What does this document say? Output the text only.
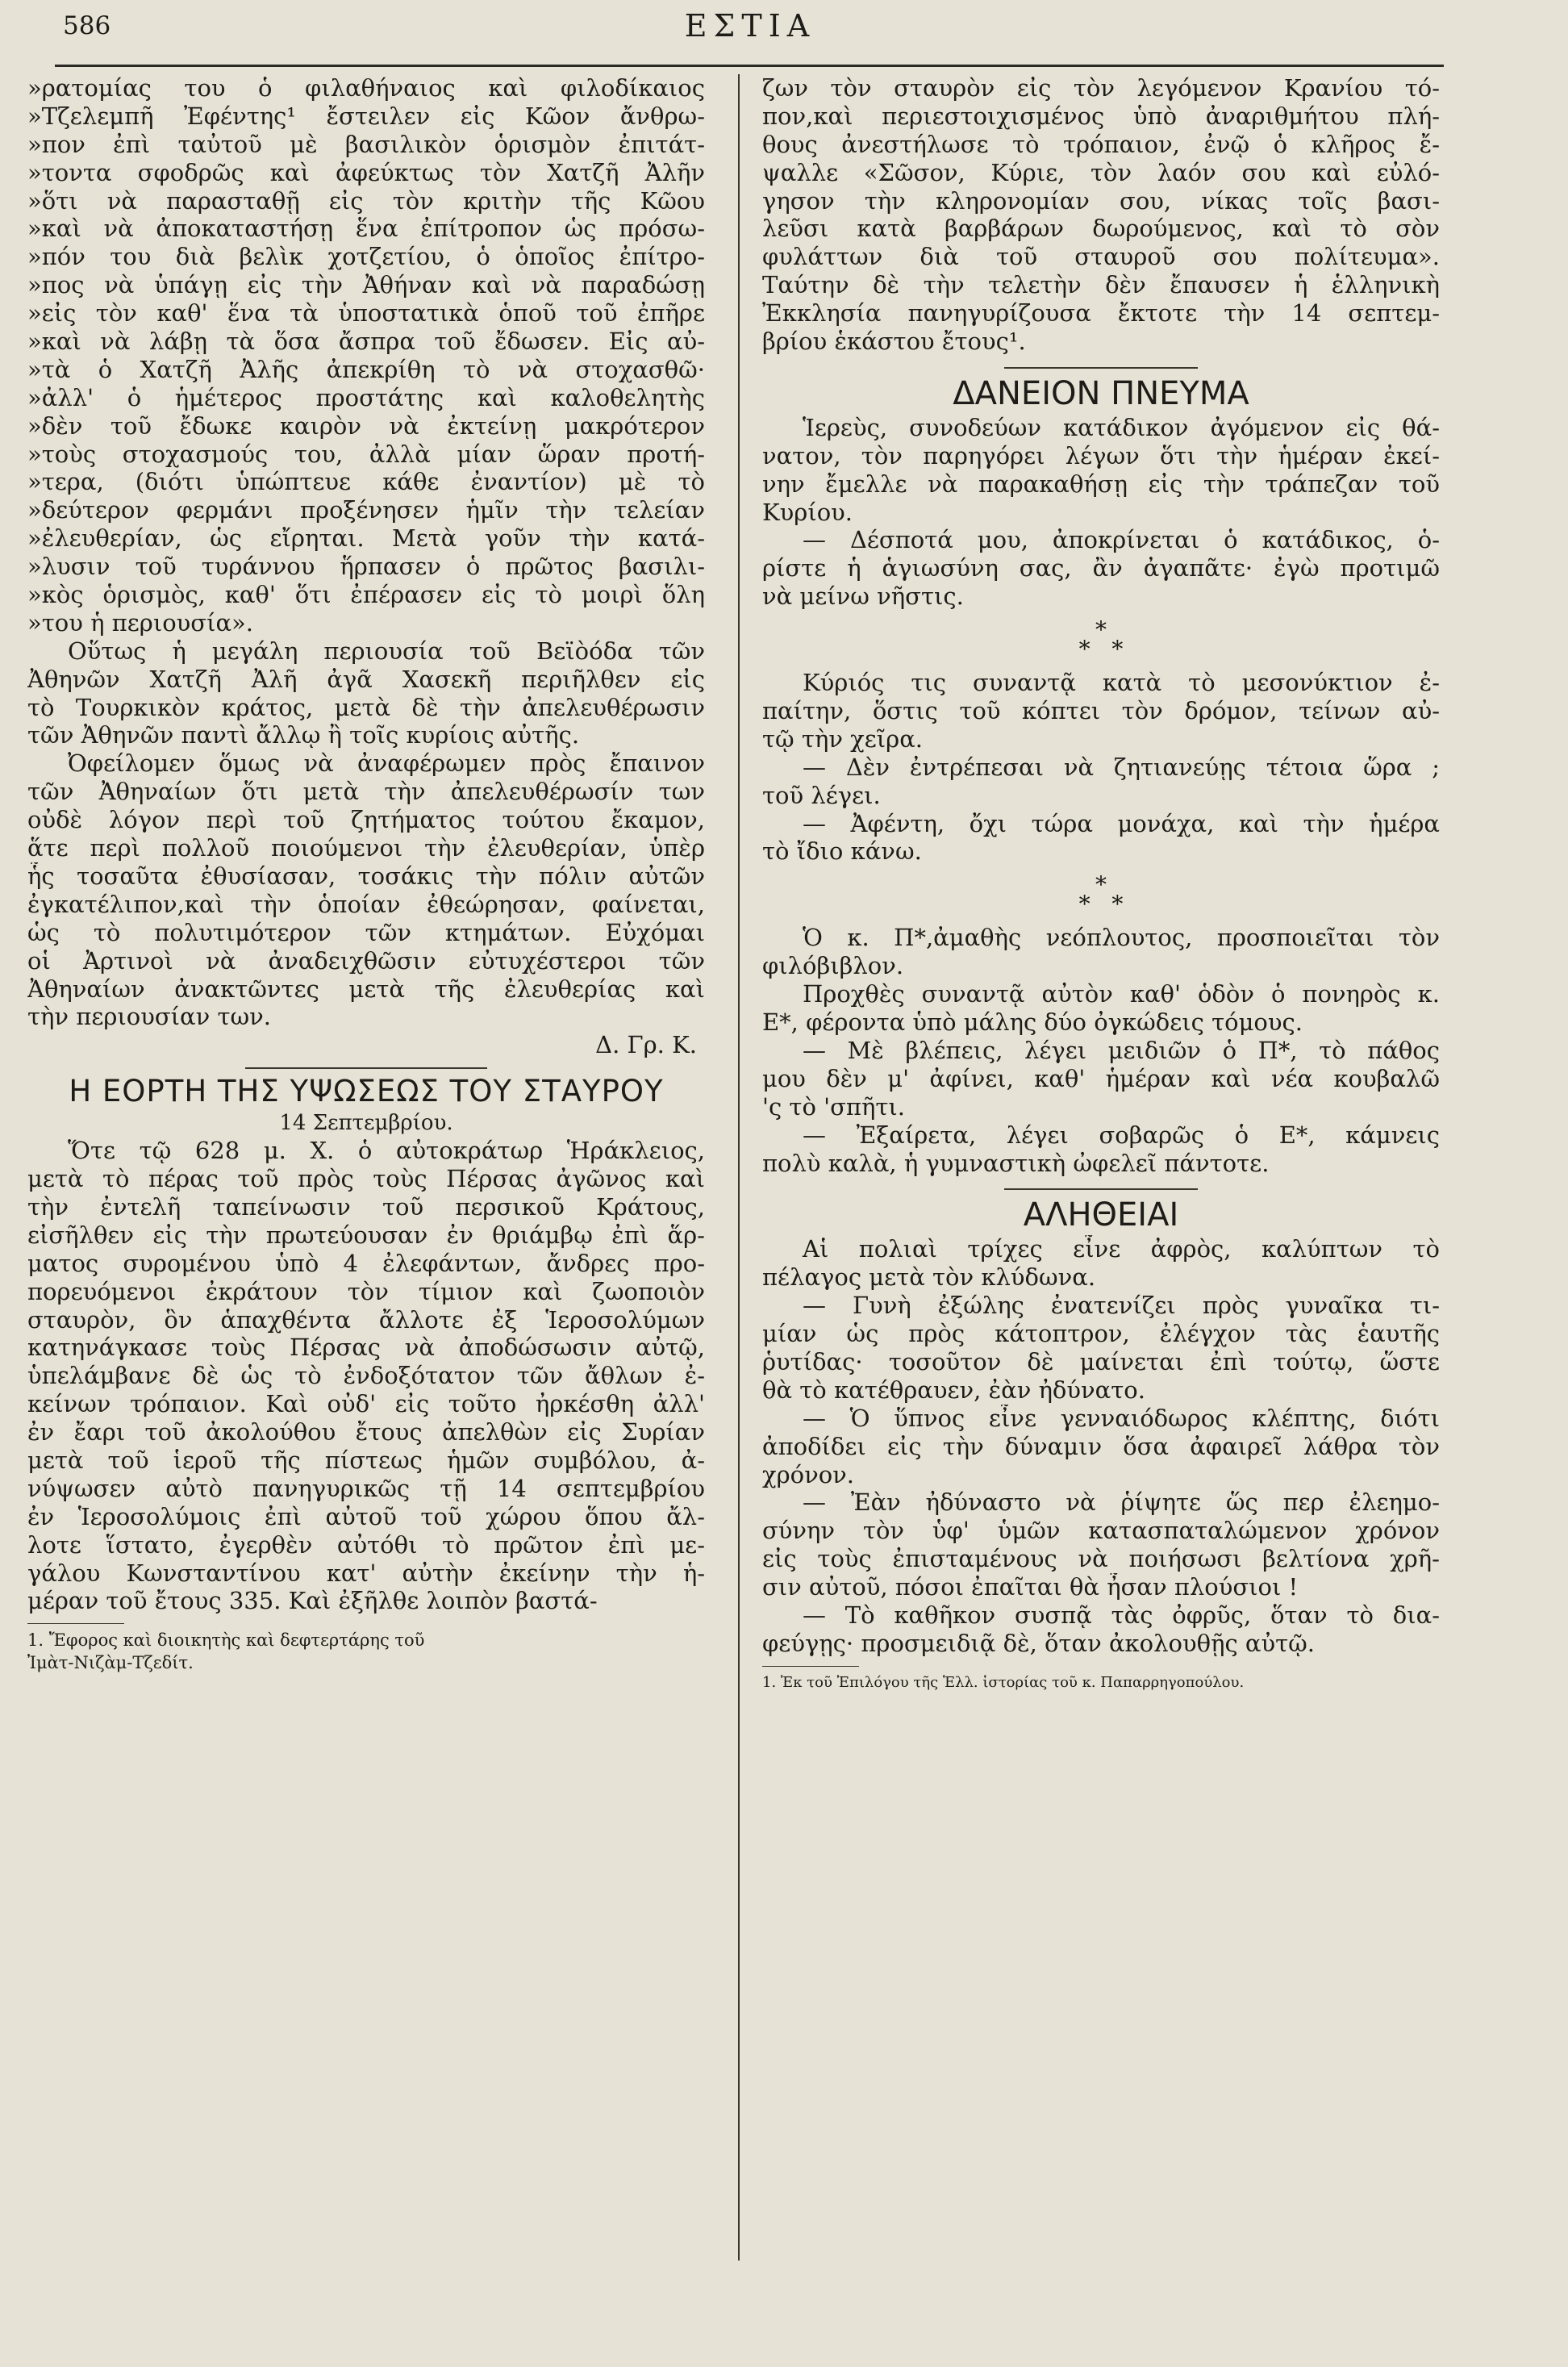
586	ΕΣΤΙΑ
»ρατομίας του ὁ φιλαθήναιος καὶ φιλοδίκαιος
»Τζελεμπῆ Ἐφέντης¹ ἔστειλεν εἰς Κῶον ἄνθρω-
»πον ἐπὶ ταὐτοῦ μὲ βασιλικὸν ὁρισμὸν ἐπιτάτ-
»τοντα σφοδρῶς καὶ ἀφεύκτως τὸν Χατζῆ Ἀλῆν
»ὅτι νὰ παρασταθῇ εἰς τὸν κριτὴν τῆς Κῶου
»καὶ νὰ ἀποκαταστήσῃ ἕνα ἐπίτροπον ὡς πρόσω-
»πόν του διὰ βελὶκ χοτζετίου, ὁ ὁποῖος ἐπίτρο-
»πος νὰ ὑπάγῃ εἰς τὴν Ἀθήναν καὶ νὰ παραδώσῃ
»εἰς τὸν καθ' ἕνα τὰ ὑποστατικὰ ὁποῦ τοῦ ἐπῆρε
»καὶ νὰ λάβῃ τὰ ὅσα ἄσπρα τοῦ ἔδωσεν. Εἰς αὐ-
»τὰ ὁ Χατζῆ Ἀλῆς ἀπεκρίθη τὸ νὰ στοχασθῶ·
»ἀλλ' ὁ ἡμέτερος προστάτης καὶ καλοθελητὴς
»δὲν τοῦ ἔδωκε καιρὸν νὰ ἐκτείνῃ μακρότερον
»τοὺς στοχασμούς του, ἀλλὰ μίαν ὥραν προτή-
»τερα, (διότι ὑπώπτευε κάθε ἐναντίον) μὲ τὸ
»δεύτερον φερμάνι προξένησεν ἡμῖν τὴν τελείαν
»ἐλευθερίαν, ὡς εἴρηται. Μετὰ γοῦν τὴν κατά-
»λυσιν τοῦ τυράννου ἥρπασεν ὁ πρῶτος βασιλι-
»κὸς ὁρισμὸς, καθ' ὅτι ἐπέρασεν εἰς τὸ μοιρὶ ὅλη
»του ἡ περιουσία».
Οὕτως ἡ μεγάλη περιουσία τοῦ Βεϊὸόδα τῶν
Ἀθηνῶν Χατζῆ Ἀλῆ ἀγᾶ Χασεκῆ περιῆλθεν εἰς
τὸ Τουρκικὸν κράτος, μετὰ δὲ τὴν ἀπελευθέρωσιν
τῶν Ἀθηνῶν παντὶ ἄλλῳ ἢ τοῖς κυρίοις αὐτῆς.
Ὀφείλομεν ὅμως νὰ ἀναφέρωμεν πρὸς ἔπαινον
τῶν Ἀθηναίων ὅτι μετὰ τὴν ἀπελευθέρωσίν των
οὐδὲ λόγον περὶ τοῦ ζητήματος τούτου ἔκαμον,
ἅτε περὶ πολλοῦ ποιούμενοι τὴν ἐλευθερίαν, ὑπὲρ
ἧς τοσαῦτα ἐθυσίασαν, τοσάκις τὴν πόλιν αὐτῶν
ἐγκατέλιπον,καὶ τὴν ὁποίαν ἐθεώρησαν, φαίνεται,
ὡς τὸ πολυτιμότερον τῶν κτημάτων. Εὐχόμαι
οἱ Ἀρτινοὶ νὰ ἀναδειχθῶσιν εὐτυχέστεροι τῶν
Ἀθηναίων ἀνακτῶντες μετὰ τῆς ἐλευθερίας καὶ
τὴν περιουσίαν των.
Δ. Γρ. Κ.
Η ΕΟΡΤΗ ΤΗΣ ΥΨΩΣΕΩΣ ΤΟΥ ΣΤΑΥΡΟΥ
14 Σεπτεμβρίου.
Ὅτε τῷ 628 μ. Χ. ὁ αὐτοκράτωρ Ἡράκλειος,
μετὰ τὸ πέρας τοῦ πρὸς τοὺς Πέρσας ἀγῶνος καὶ
τὴν ἐντελῆ ταπείνωσιν τοῦ περσικοῦ Κράτους,
εἰσῆλθεν εἰς τὴν πρωτεύουσαν ἐν θριάμβῳ ἐπὶ ἅρ-
ματος συρομένου ὑπὸ 4 ἐλεφάντων, ἄνδρες προ-
πορευόμενοι ἐκράτουν τὸν τίμιον καὶ ζωοποιὸν
σταυρὸν, ὃν ἁπαχθέντα ἄλλοτε ἐξ Ἱεροσολύμων
κατηνάγκασε τοὺς Πέρσας νὰ ἀποδώσωσιν αὐτῷ,
ὑπελάμβανε δὲ ὡς τὸ ἐνδοξότατον τῶν ἄθλων ἐ-
κείνων τρόπαιον. Καὶ οὐδ' εἰς τοῦτο ἠρκέσθη ἀλλ'
ἐν ἔαρι τοῦ ἀκολούθου ἔτους ἀπελθὼν εἰς Συρίαν
μετὰ τοῦ ἱεροῦ τῆς πίστεως ἡμῶν συμβόλου, ἀ-
νύψωσεν αὐτὸ πανηγυρικῶς τῇ 14 σεπτεμβρίου
ἐν Ἱεροσολύμοις ἐπὶ αὐτοῦ τοῦ χώρου ὅπου ἄλ-
λοτε ἵστατο, ἐγερθὲν αὐτόθι τὸ πρῶτον ἐπὶ με-
γάλου Κωνσταντίνου κατ' αὐτὴν ἐκείνην τὴν ἡ-
μέραν τοῦ ἔτους 335. Καὶ ἐξῆλθε λοιπὸν βαστά-
1. Ἔφορος καὶ διοικητὴς καὶ δεφτερτάρης τοῦ
Ἰμὰτ-Νιζὰμ-Τζεδίτ.
ζων τὸν σταυρὸν εἰς τὸν λεγόμενον Κρανίου τό-
πον,καὶ περιεστοιχισμένος ὑπὸ ἀναριθμήτου πλή-
θους ἀνεστήλωσε τὸ τρόπαιον, ἐνῷ ὁ κλῆρος ἔ-
ψαλλε «Σῶσον, Κύριε, τὸν λαόν σου καὶ εὐλό-
γησον τὴν κληρονομίαν σου, νίκας τοῖς βασι-
λεῦσι κατὰ βαρβάρων δωρούμενος, καὶ τὸ σὸν
φυλάττων διὰ τοῦ σταυροῦ σου πολίτευμα».
Ταύτην δὲ τὴν τελετὴν δὲν ἔπαυσεν ἡ ἑλληνικὴ
Ἐκκλησία πανηγυρίζουσα ἔκτοτε τὴν 14 σεπτεμ-
βρίου ἑκάστου ἔτους¹.
ΔΑΝΕΙΟΝ ΠΝΕΥΜΑ
Ἱερεὺς, συνοδεύων κατάδικον ἀγόμενον εἰς θά-
νατον, τὸν παρηγόρει λέγων ὅτι τὴν ἡμέραν ἐκεί-
νην ἔμελλε νὰ παρακαθήσῃ εἰς τὴν τράπεζαν τοῦ
Κυρίου.
— Δέσποτά μου, ἀποκρίνεται ὁ κατάδικος, ὁ-
ρίστε ἡ ἁγιωσύνη σας, ἂν ἀγαπᾶτε· ἐγὼ προτιμῶ
νὰ μείνω νῆστις.
*
* *
Κύριός τις συναντᾷ κατὰ τὸ μεσονύκτιον ἐ-
παίτην, ὅστις τοῦ κόπτει τὸν δρόμον, τείνων αὐ-
τῷ τὴν χεῖρα.
— Δὲν ἐντρέπεσαι νὰ ζητιανεύῃς τέτοια ὥρα ;
τοῦ λέγει.
— Ἀφέντη, ὄχι τώρα μονάχα, καὶ τὴν ἡμέρα
τὸ ἴδιο κάνω.
*
* *
Ὁ κ. Π*,ἀμαθὴς νεόπλουτος, προσποιεῖται τὸν
φιλόβιβλον.
Προχθὲς συναντᾷ αὐτὸν καθ' ὁδὸν ὁ πονηρὸς κ.
Ε*, φέροντα ὑπὸ μάλης δύο ὀγκώδεις τόμους.
— Μὲ βλέπεις, λέγει μειδιῶν ὁ Π*, τὸ πάθος
μου δὲν μ' ἀφίνει, καθ' ἡμέραν καὶ νέα κουβαλῶ
'ς τὸ 'σπῆτι.
— Ἐξαίρετα, λέγει σοβαρῶς ὁ Ε*, κάμνεις
πολὺ καλὰ, ἡ γυμναστικὴ ὠφελεῖ πάντοτε.
ΑΛΗΘΕΙΑΙ
Αἱ πολιαὶ τρίχες εἶνε ἀφρὸς, καλύπτων τὸ
πέλαγος μετὰ τὸν κλύδωνα.
— Γυνὴ ἐξώλης ἐνατενίζει πρὸς γυναῖκα τι-
μίαν ὡς πρὸς κάτοπτρον, ἐλέγχον τὰς ἑαυτῆς
ῥυτίδας· τοσοῦτον δὲ μαίνεται ἐπὶ τούτῳ, ὥστε
θὰ τὸ κατέθραυεν, ἐὰν ἠδύνατο.
— Ὁ ὕπνος εἶνε γενναιόδωρος κλέπτης, διότι
ἀποδίδει εἰς τὴν δύναμιν ὅσα ἀφαιρεῖ λάθρα τὸν
χρόνον.
— Ἐὰν ἠδύναστο νὰ ῥίψητε ὥς περ ἐλεημο-
σύνην τὸν ὑφ' ὑμῶν κατασπαταλώμενον χρόνον
εἰς τοὺς ἐπισταμένους νὰ ποιήσωσι βελτίονα χρῆ-
σιν αὐτοῦ, πόσοι ἐπαῖται θὰ ἦσαν πλούσιοι !
— Τὸ καθῆκον συσπᾷ τὰς ὀφρῦς, ὅταν τὸ δια-
φεύγῃς· προσμειδιᾷ δὲ, ὅταν ἀκολουθῇς αὐτῷ.
1. Ἐκ τοῦ Ἐπιλόγου τῆς Ἑλλ. ἱστορίας τοῦ κ. Παπαρρηγοπούλου.
